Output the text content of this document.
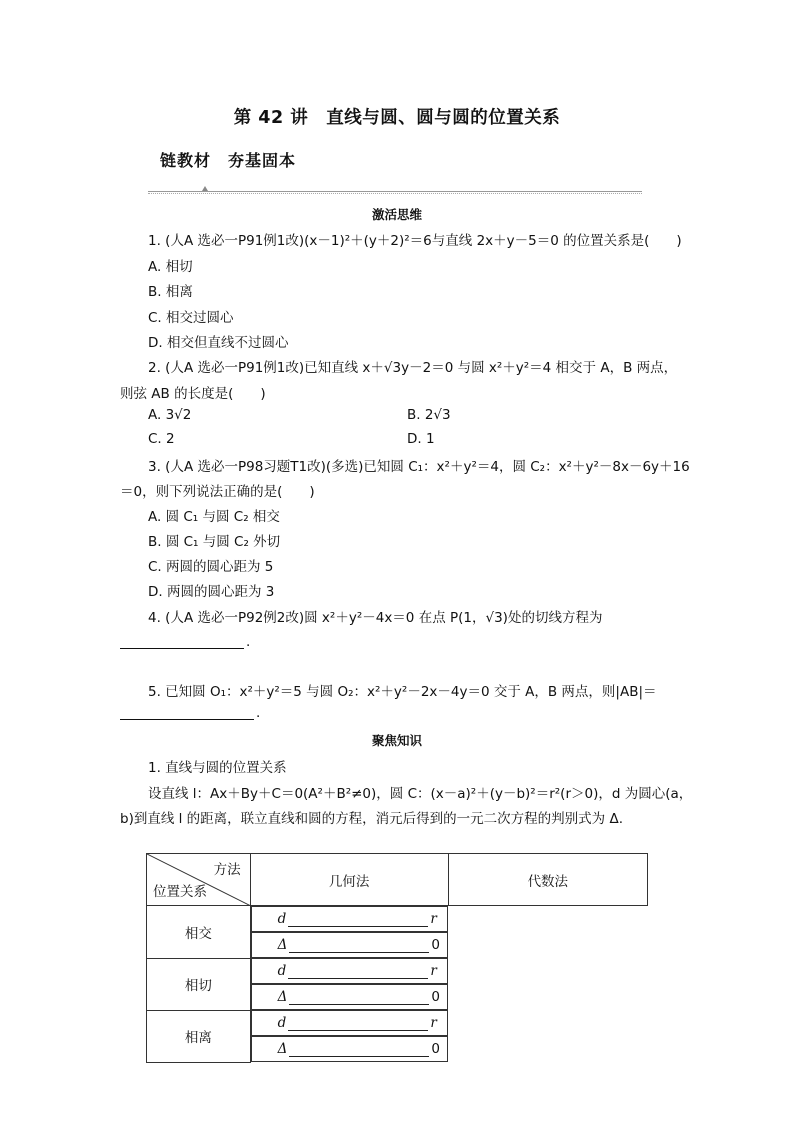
第 42 讲　直线与圆、圆与圆的位置关系
链教材　夯基固本
激活思维
1. (人A 选必一P91例1改)(x－1)²＋(y＋2)²＝6与直线 2x＋y－5＝0 的位置关系是(　　)
A. 相切
B. 相离
C. 相交过圆心
D. 相交但直线不过圆心
2. (人A 选必一P91例1改)已知直线 x＋√3y－2＝0 与圆 x²＋y²＝4 相交于 A，B 两点，
则弦 AB 的长度是(　　)
A. 3√2	B. 2√3
C. 2	D. 1
3. (人A 选必一P98习题T1改)(多选)已知圆 C₁：x²＋y²＝4，圆 C₂：x²＋y²－8x－6y＋16
＝0，则下列说法正确的是(　　)
A. 圆 C₁ 与圆 C₂ 相交
B. 圆 C₁ 与圆 C₂ 外切
C. 两圆的圆心距为 5
D. 两圆的圆心距为 3
4. (人A 选必一P92例2改)圆 x²＋y²－4x＝0 在点 P(1，√3)处的切线方程为
.
5. 已知圆 O₁：x²＋y²＝5 与圆 O₂：x²＋y²－2x－4y＝0 交于 A，B 两点，则|AB|＝
.
聚焦知识
1. 直线与圆的位置关系
设直线 l：Ax＋By＋C＝0(A²＋B²≠0)，圆 C：(x－a)²＋(y－b)²＝r²(r＞0)，d 为圆心(a，
b)到直线 l 的距离，联立直线和圆的方程，消元后得到的一元二次方程的判别式为 Δ.
方法
位置关系	几何法	代数法
相交	
d	r
Δ	0

相切	
d	r
Δ	0

相离	
d	r
Δ	0
